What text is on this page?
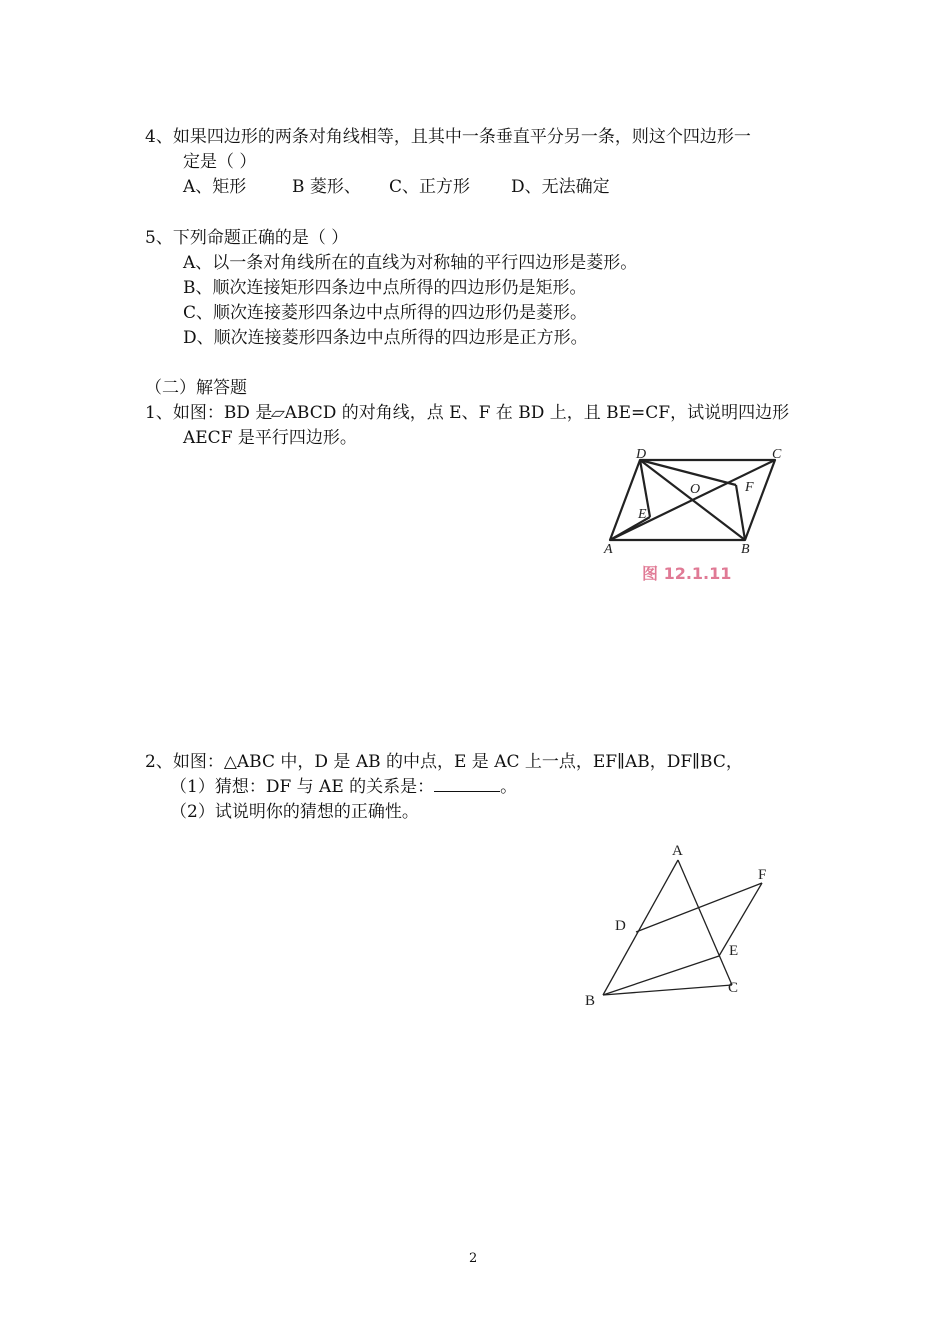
4、如果四边形的两条对角线相等，且其中一条垂直平分另一条，则这个四边形一
定是（ ）
A、矩形	B 菱形、 C、正方形 D、无法确定
5、下列命题正确的是（ ）
A、以一条对角线所在的直线为对称轴的平行四边形是菱形。
B、顺次连接矩形四条边中点所得的四边形仍是矩形。
C、顺次连接菱形四条边中点所得的四边形仍是菱形。
D、顺次连接菱形四条边中点所得的四边形是正方形。
（二）解答题
1、如图：BD 是▱ABCD 的对角线，点 E、F 在 BD 上，且 BE=CF，试说明四边形
AECF 是平行四边形。
D	C
O	F
E
A	B
图 12.1.11
2、如图：△ABC 中，D 是 AB 的中点，E 是 AC 上一点，EF∥AB，DF∥BC，
（1）猜想：DF 与 AE 的关系是：	。
（2）试说明你的猜想的正确性。
A
F
D
E
B
C
2
